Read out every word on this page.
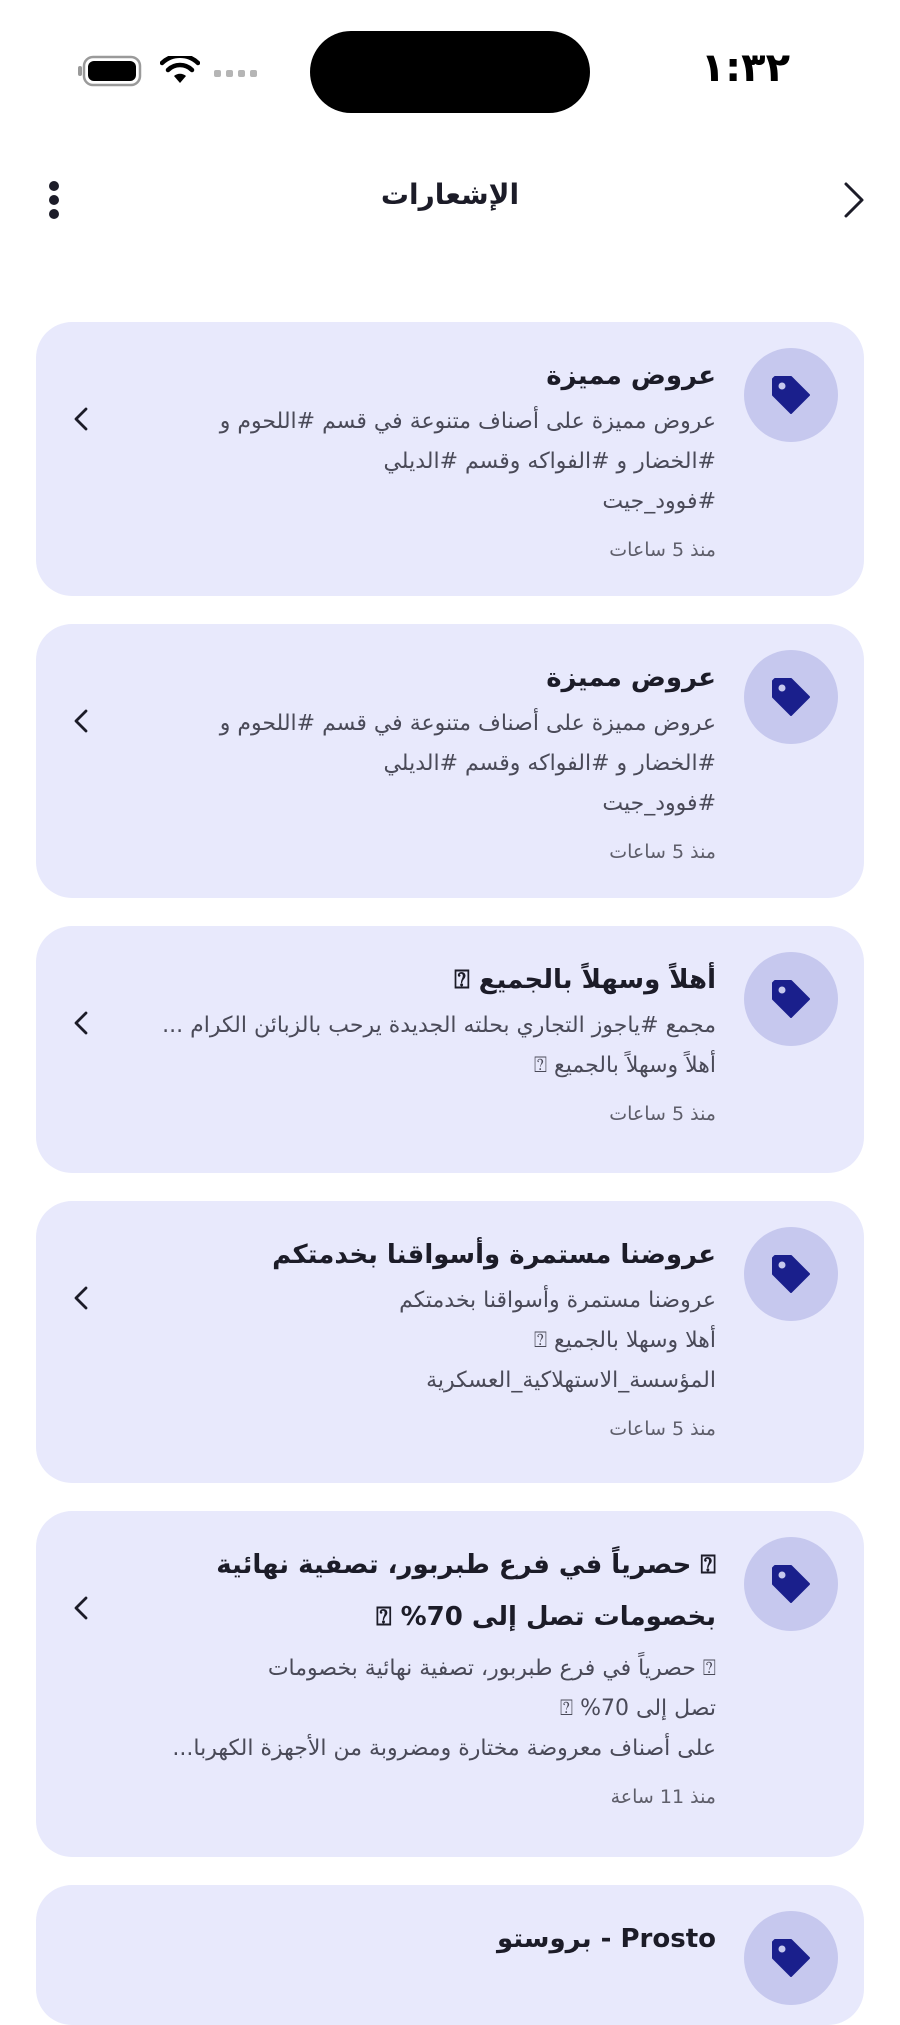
١:٣٢
الإشعارات
عروض مميزة
عروض مميزة على أصناف متنوعة في قسم #اللحوم و
#الخضار و #الفواكه وقسم #الديلي
#فوود_جيت
منذ 5 ساعات
عروض مميزة
عروض مميزة على أصناف متنوعة في قسم #اللحوم و
#الخضار و #الفواكه وقسم #الديلي
#فوود_جيت
منذ 5 ساعات
أهلاً وسهلاً بالجميع ⍰
مجمع #ياجوز التجاري بحلته الجديدة يرحب بالزبائن الكرام ...
أهلاً وسهلاً بالجميع ⍰
منذ 5 ساعات
عروضنا مستمرة وأسواقنا بخدمتكم
عروضنا مستمرة وأسواقنا بخدمتكم
أهلا وسهلا بالجميع ⍰
المؤسسة_الاستهلاكية_العسكرية
منذ 5 ساعات
⍰ حصرياً في فرع طبربور، تصفية نهائية
بخصومات تصل إلى 70% ⍰
⍰ حصرياً في فرع طبربور، تصفية نهائية بخصومات
تصل إلى 70% ⍰
على أصناف معروضة مختارة ومضروبة من الأجهزة الكهربا...
منذ 11 ساعة
Prosto - بروستو
